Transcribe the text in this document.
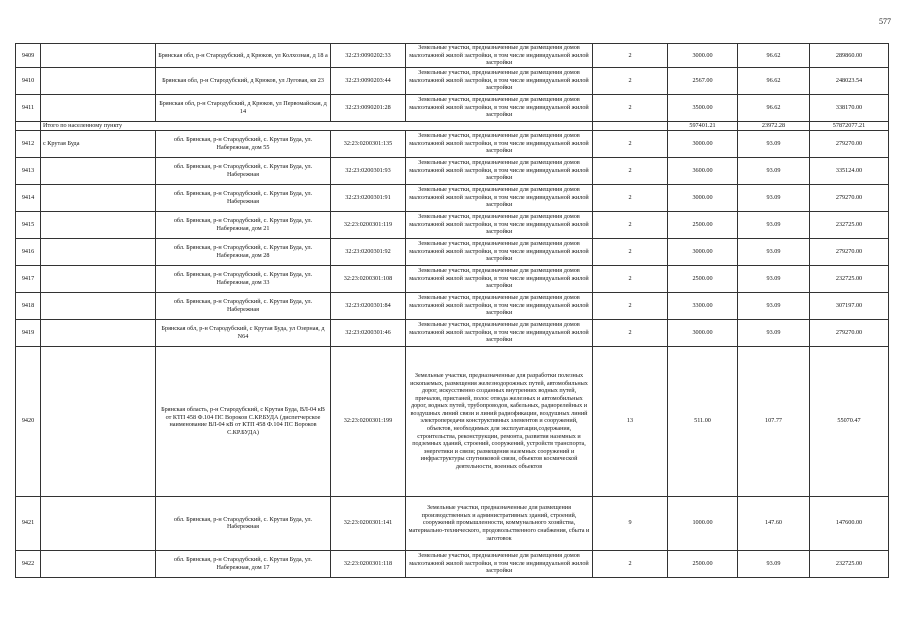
577
9409		Брянская обл, р-н Стародубский, д Крюков, ул Колхозная, д 18 а	32:23:0090202:33	Земельные участки, предназначенные для размещения домов малоэтажной жилой застройки, в том числе индивидуальной жилой застройки	2	3000.00	96.62	289860.00
9410		Брянская обл, р-н Стародубский, д Крюков, ул Луговая, кв 23	32:23:0090203:44	Земельные участки, предназначенные для размещения домов малоэтажной жилой застройки, в том числе индивидуальной жилой застройки	2	2567.00	96.62	248023.54
9411		Брянская обл, р-н Стародубский, д Крюков, ул Первомайская, д 14	32:23:0090201:28	Земельные участки, предназначенные для размещения домов малоэтажной жилой застройки, в том числе индивидуальной жилой застройки	2	3500.00	96.62	338170.00
	Итого по населенному пункту					597401.21	23972.28	57872077.21
9412	с Крутая Буда	обл. Брянская, р-н Стародубский, с. Крутая Буда, ул. Набережная, дом 55	32:23:0200301:135	Земельные участки, предназначенные для размещения домов малоэтажной жилой застройки, в том числе индивидуальной жилой застройки	2	3000.00	93.09	279270.00
9413		обл. Брянская, р-н Стародубский, с. Крутая Буда, ул. Набережная	32:23:0200301:93	Земельные участки, предназначенные для размещения домов малоэтажной жилой застройки, в том числе индивидуальной жилой застройки	2	3600.00	93.09	335124.00
9414		обл. Брянская, р-н Стародубский, с. Крутая Буда, ул. Набережная	32:23:0200301:91	Земельные участки, предназначенные для размещения домов малоэтажной жилой застройки, в том числе индивидуальной жилой застройки	2	3000.00	93.09	279270.00
9415		обл. Брянская, р-н Стародубский, с. Крутая Буда, ул. Набережная, дом 21	32:23:0200301:119	Земельные участки, предназначенные для размещения домов малоэтажной жилой застройки, в том числе индивидуальной жилой застройки	2	2500.00	93.09	232725.00
9416		обл. Брянская, р-н Стародубский, с. Крутая Буда, ул. Набережная, дом 28	32:23:0200301:92	Земельные участки, предназначенные для размещения домов малоэтажной жилой застройки, в том числе индивидуальной жилой застройки	2	3000.00	93.09	279270.00
9417		обл. Брянская, р-н Стародубский, с. Крутая Буда, ул. Набережная, дом 33	32:23:0200301:108	Земельные участки, предназначенные для размещения домов малоэтажной жилой застройки, в том числе индивидуальной жилой застройки	2	2500.00	93.09	232725.00
9418		обл. Брянская, р-н Стародубский, с. Крутая Буда, ул. Набережная	32:23:0200301:84	Земельные участки, предназначенные для размещения домов малоэтажной жилой застройки, в том числе индивидуальной жилой застройки	2	3300.00	93.09	307197.00
9419		Брянская обл, р-н Стародубский, с Крутая Буда, ул Озерная, д N64	32:23:0200301:46	Земельные участки, предназначенные для размещения домов малоэтажной жилой застройки, в том числе индивидуальной жилой застройки	2	3000.00	93.09	279270.00
9420		Брянская область, р-н Стародубский, с Крутая Буда, ВЛ-04 кВ от КТП 458 Ф.104 ПС Вороков С.КР.БУДА (диспетчерское наименование ВЛ-04 кВ от КТП 458 Ф.104 ПС Вороков С.КР.БУДА)	32:23:0200301:199	Земельные участки, предназначенные для разработки полезных ископаемых, размещения железнодорожных путей, автомобильных дорог, искусственно созданных внутренних водных путей, причалов, пристаней, полос отвода железных и автомобильных дорог, водных путей, трубопроводов, кабельных, радиорелейных и воздушных линий связи и линий радиофикации, воздушных линий электропередачи конструктивных элементов и сооружений, объектов, необходимых для эксплуатации,содержания, строительства, реконструкции, ремонта, развития наземных и подземных зданий, строений, сооружений, устройств транспорта, энергетики и связи; размещения наземных сооружений и инфраструктуры спутниковой связи, объектов космической деятельности, военных объектов	13	511.00	107.77	55070.47
9421		обл. Брянская, р-н Стародубский, с. Крутая Буда, ул. Набережная	32:23:0200301:141	Земельные участки, предназначенные для размещения производственных и административных зданий, строений, сооружений промышленности, коммунального хозяйства, материально-технического, продовольственного снабжения, сбыта и заготовок	9	1000.00	147.60	147600.00
9422		обл. Брянская, р-н Стародубский, с. Крутая Буда, ул. Набережная, дом 17	32:23:0200301:118	Земельные участки, предназначенные для размещения домов малоэтажной жилой застройки, в том числе индивидуальной жилой застройки	2	2500.00	93.09	232725.00
